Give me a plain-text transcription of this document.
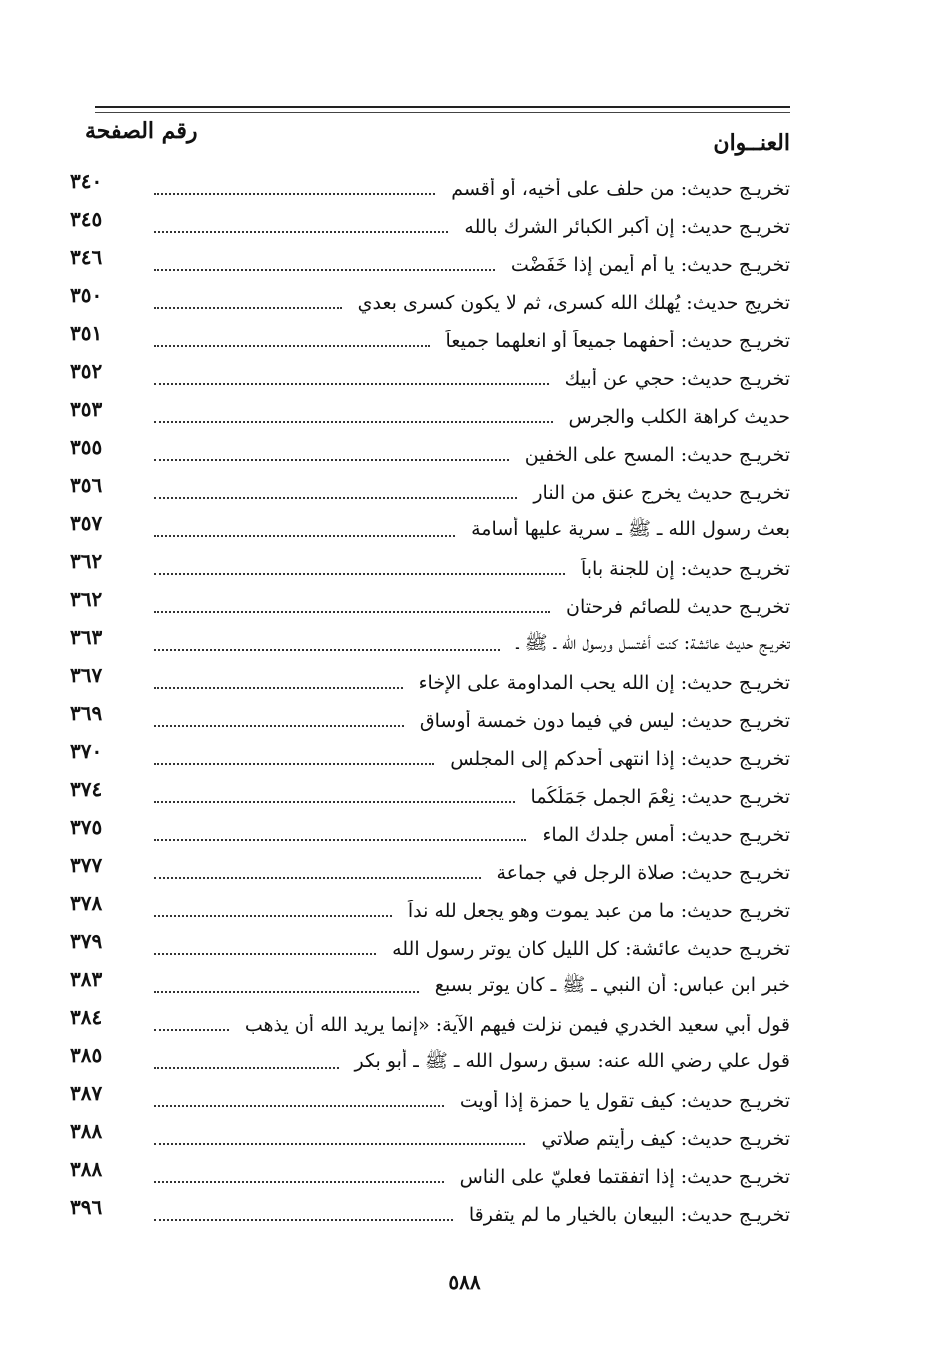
العنــوان
رقم الصفحة
تخريـج حديث: من حلف على أخيه، أو أقسم
٣٤٠
تخريـج حديث: إن أكبر الكبائر الشرك بالله
٣٤٥
تخريـج حديث: يا أم أيمن إذا خَفَضْت
٣٤٦
تخريج حديث: يُهلك الله كسرى، ثم لا يكون كسرى بعدي
٣٥٠
تخريـج حديث: أحفهما جميعاً أو انعلهما جميعاً
٣٥١
تخريـج حديث: حجي عن أبيك
٣٥٢
حديث كراهة الكلب والجرس
٣٥٣
تخريـج حديث: المسح على الخفين
٣٥٥
تخريـج حديث يخرج عنق من النار
٣٥٦
بعث رسول الله ـ ﷺ ـ سرية عليها أسامة
٣٥٧
تخريـج حديث: إن للجنة باباً
٣٦٢
تخريـج حديث للصائم فرحتان
٣٦٢
تخريـج حديث عائشة: كنت أغتسل ورسول الله ـ ﷺ ـ
٣٦٣
تخريـج حديث: إن الله يحب المداومة على الإخاء
٣٦٧
تخريـج حديث: ليس في فيما دون خمسة أوساق
٣٦٩
تخريـج حديث: إذا انتهى أحدكم إلى المجلس
٣٧٠
تخريـج حديث: نِعْمَ الجمل جَمَلُكُما
٣٧٤
تخريـج حديث: أمس جلدك الماء
٣٧٥
تخريـج حديث: صلاة الرجل في جماعة
٣٧٧
تخريـج حديث: ما من عبد يموت وهو يجعل لله نداً
٣٧٨
تخريـج حديث عائشة: كل الليل كان يوتر رسول الله
٣٧٩
خبر ابن عباس: أن النبي ـ ﷺ ـ كان يوتر بسبع
٣٨٣
قول أبي سعيد الخدري فيمن نزلت فيهم الآية: «إنما يريد الله أن يذهب
٣٨٤
قول علي رضي الله عنه: سبق رسول الله ـ ﷺ ـ أبو بكر
٣٨٥
تخريـج حديث: كيف تقول يا حمزة إذا أويت
٣٨٧
تخريـج حديث: كيف رأيتم صلاتي
٣٨٨
تخريـج حديث: إذا اتفقتما فعليّ على الناس
٣٨٨
تخريـج حديث: البيعان بالخيار ما لم يتفرقا
٣٩٦
٥٨٨
